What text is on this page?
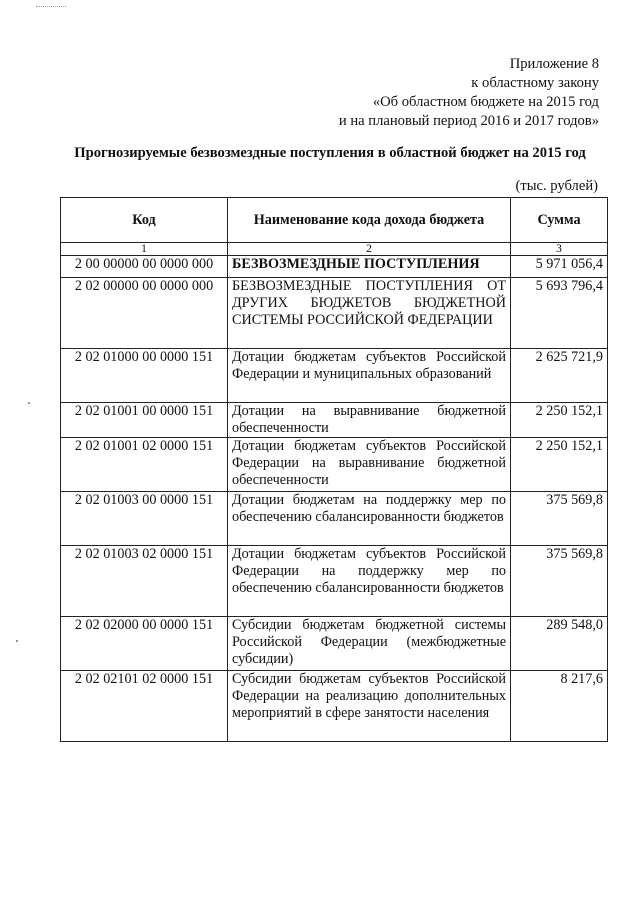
Приложение 8
к областному закону
«Об областном бюджете на 2015 год
и на плановый период 2016 и 2017 годов»
Прогнозируемые безвозмездные поступления в областной бюджет на 2015 год
(тыс. рублей)
Код	Наименование кода дохода бюджета	Сумма
1	2	3
2 00 00000 00 0000 000	БЕЗВОЗМЕЗДНЫЕ ПОСТУПЛЕНИЯ	5 971 056,4
2 02 00000 00 0000 000	БЕЗВОЗМЕЗДНЫЕ ПОСТУПЛЕНИЯ ОТ ДРУГИХ БЮДЖЕТОВ БЮДЖЕТНОЙ СИСТЕМЫ РОССИЙСКОЙ ФЕДЕРАЦИИ	5 693 796,4
2 02 01000 00 0000 151	Дотации бюджетам субъектов Российской Федерации и муниципальных образований	2 625 721,9
2 02 01001 00 0000 151	Дотации на выравнивание бюджетной обеспеченности	2 250 152,1
2 02 01001 02 0000 151	Дотации бюджетам субъектов Российской Федерации на выравнивание бюджетной обеспеченности	2 250 152,1
2 02 01003 00 0000 151	Дотации бюджетам на поддержку мер по обеспечению сбалансированности бюджетов	375 569,8
2 02 01003 02 0000 151	Дотации бюджетам субъектов Российской Федерации на поддержку мер по обеспечению сбалансированности бюджетов	375 569,8
2 02 02000 00 0000 151	Субсидии бюджетам бюджетной системы Российской Федерации (межбюджетные субсидии)	289 548,0
2 02 02101 02 0000 151	Субсидии бюджетам субъектов Российской Федерации на реализацию дополнительных мероприятий в сфере занятости населения	8 217,6
